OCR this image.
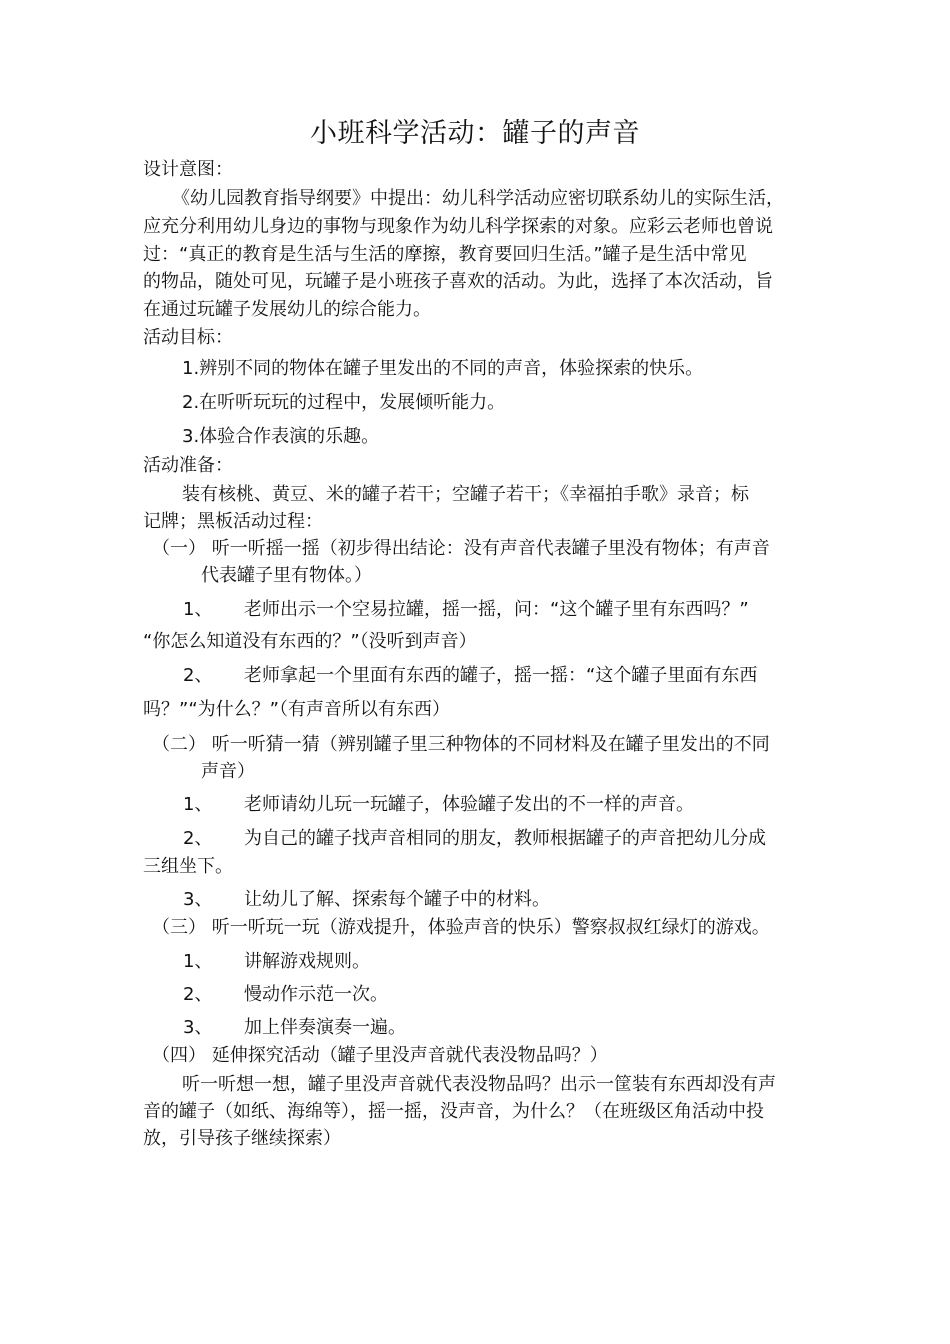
小班科学活动：罐子的声音
设计意图：
《幼儿园教育指导纲要》中提出：幼儿科学活动应密切联系幼儿的实际生活，
应充分利用幼儿身边的事物与现象作为幼儿科学探索的对象。应彩云老师也曾说
过：“真正的教育是生活与生活的摩擦，教育要回归生活。”罐子是生活中常见
的物品，随处可见，玩罐子是小班孩子喜欢的活动。为此，选择了本次活动，旨
在通过玩罐子发展幼儿的综合能力。
活动目标：
1.辨别不同的物体在罐子里发出的不同的声音，体验探索的快乐。
2.在听听玩玩的过程中，发展倾听能力。
3.体验合作表演的乐趣。
活动准备：
装有核桃、黄豆、米的罐子若干；空罐子若干；《幸福拍手歌》录音；标
记牌；黑板活动过程：
（一） 听一听摇一摇（初步得出结论：没有声音代表罐子里没有物体；有声音
代表罐子里有物体。）
1、 老师出示一个空易拉罐，摇一摇，问：“这个罐子里有东西吗？”
“你怎么知道没有东西的？”（没听到声音）
2、 老师拿起一个里面有东西的罐子，摇一摇：“这个罐子里面有东西
吗？”“为什么？”（有声音所以有东西）
（二） 听一听猜一猜（辨别罐子里三种物体的不同材料及在罐子里发出的不同
声音）
1、 老师请幼儿玩一玩罐子，体验罐子发出的不一样的声音。
2、 为自己的罐子找声音相同的朋友，教师根据罐子的声音把幼儿分成
三组坐下。
3、 让幼儿了解、探索每个罐子中的材料。
（三） 听一听玩一玩（游戏提升，体验声音的快乐）警察叔叔红绿灯的游戏。
1、 讲解游戏规则。
2、 慢动作示范一次。
3、 加上伴奏演奏一遍。
（四） 延伸探究活动（罐子里没声音就代表没物品吗？）
听一听想一想，罐子里没声音就代表没物品吗？出示一筐装有东西却没有声
音的罐子（如纸、海绵等），摇一摇，没声音，为什么？（在班级区角活动中投
放，引导孩子继续探索）
